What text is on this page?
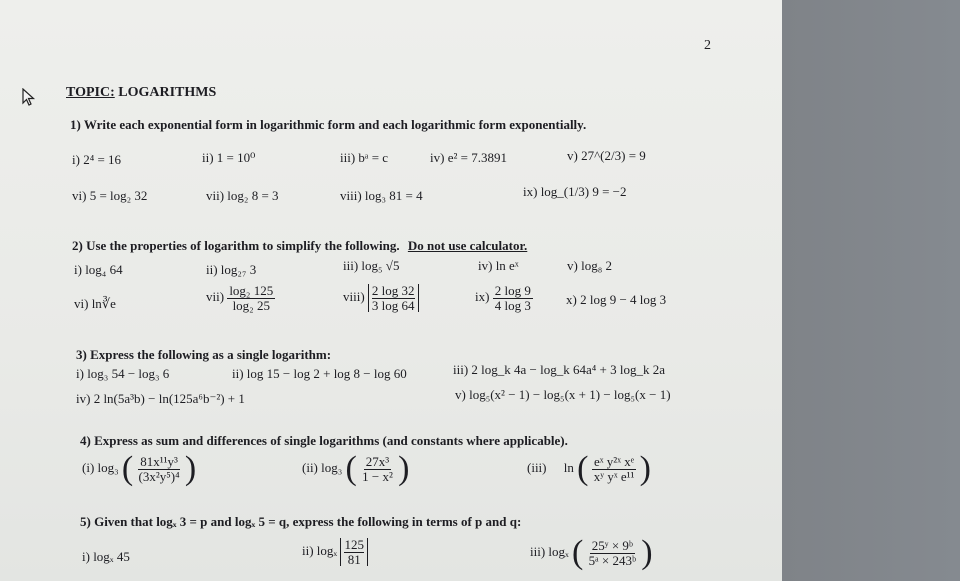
2
TOPIC: LOGARITHMS
1) Write each exponential form in logarithmic form and each logarithmic form exponentially.
i) 2⁴ = 16	ii) 1 = 10⁰	iii) bᵃ = c	iv) e² = 7.3891	v) 27^(2/3) = 9
vi) 5 = log₂ 32	vii) log₂ 8 = 3	viii) log₃ 81 = 4	ix) log_(1/3) 9 = −2
2) Use the properties of logarithm to simplify the following. Do not use calculator.
i) log₄ 64	ii) log₂₇ 3	iii) log₅ √5	iv) ln eˣ	v) log₈ 2
vi) ln∛e	$vii) \frac{\text{log₂ 125}}{\text{log₂ 25}}$	viii) $\frac{2 \log 32}{3 \log 64}$	$ix) \frac{2 \log 9}{4 \log 3}$	x) 2 log 9 − 4 log 3
3) Express the following as a single logarithm:
i) log₃ 54 − log₃ 6	ii) log 15 − log 2 + log 8 − log 60	iii) 2 log_k 4a − log_k 64a⁴ + 3 log_k 2a
iv) 2 ln(5a³b) − ln(125a⁶b⁻²) + 1	v) log₅(x² − 1) − log₅(x + 1) − log₅(x − 1)
4) Express as sum and differences of single logarithms (and constants where applicable).
(i) log₃ ( $\frac{\text{81x¹¹y³}}{\text{(3x²y⁵)⁴}}$ )	(ii) log₃ ( $\frac{\text{27x³}}{\text{1 − x²}}$ )	(iii) ln ( $\frac{\text{eˣ y²ˣ xᵉ}}{\text{xʸ yˣ e¹¹}}$ )
5) Given that logₓ 3 = p and logₓ 5 = q, express the following in terms of p and q:
i) logₓ 45	ii) logₓ $\frac{125}{81}$	iii) logₓ ( $\frac{\text{25ʸ × 9ᵇ}}{\text{5ᵃ × 243ᵇ}}$ )
